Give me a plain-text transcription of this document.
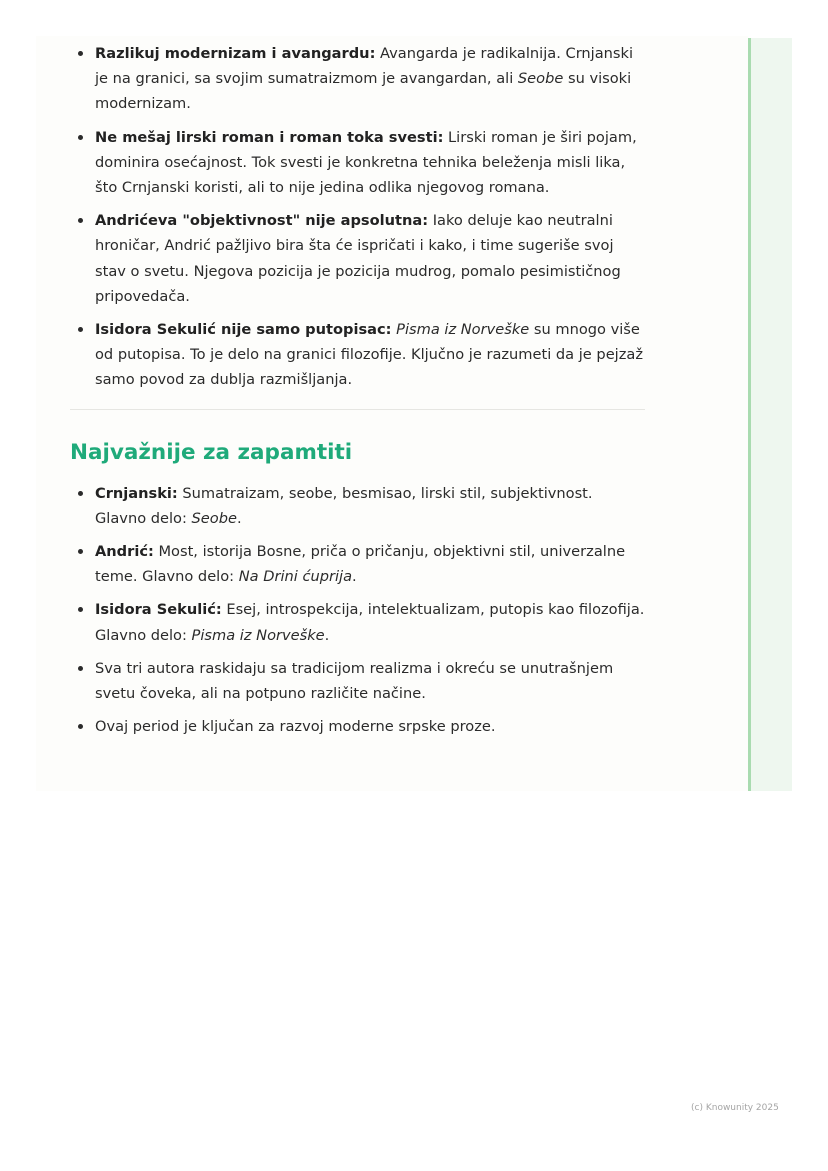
Razlikuj modernizam i avangardu: Avangarda je radikalnija. Crnjanski je na granici, sa svojim sumatraizmom je avangardan, ali Seobe su visoki modernizam.
Ne mešaj lirski roman i roman toka svesti: Lirski roman je širi pojam, dominira osećajnost. Tok svesti je konkretna tehnika beleženja misli lika, što Crnjanski koristi, ali to nije jedina odlika njegovog romana.
Andrićeva "objektivnost" nije apsolutna: Iako deluje kao neutralni hroničar, Andrić pažljivo bira šta će ispričati i kako, i time sugeriše svoj stav o svetu. Njegova pozicija je pozicija mudrog, pomalo pesimističnog pripovedača.
Isidora Sekulić nije samo putopisac: Pisma iz Norveške su mnogo više od putopisa. To je delo na granici filozofije. Ključno je razumeti da je pejzaž samo povod za dublja razmišljanja.
Najvažnije za zapamtiti
Crnjanski: Sumatraizam, seobe, besmisao, lirski stil, subjektivnost. Glavno delo: Seobe.
Andrić: Most, istorija Bosne, priča o pričanju, objektivni stil, univerzalne teme. Glavno delo: Na Drini ćuprija.
Isidora Sekulić: Esej, introspekcija, intelektualizam, putopis kao filozofija. Glavno delo: Pisma iz Norveške.
Sva tri autora raskidaju sa tradicijom realizma i okreću se unutrašnjem svetu čoveka, ali na potpuno različite načine.
Ovaj period je ključan za razvoj moderne srpske proze.
(c) Knowunity 2025
